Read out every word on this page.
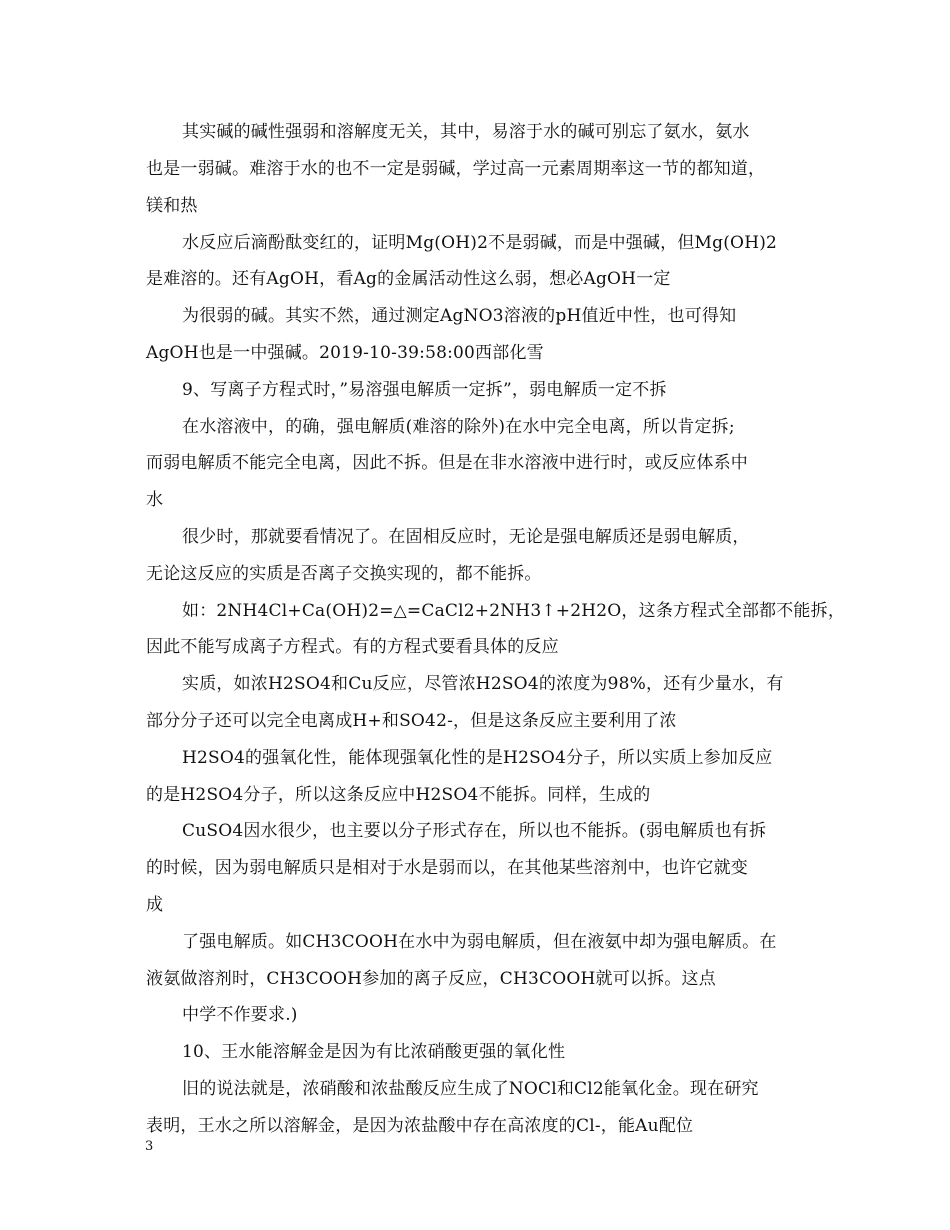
其实碱的碱性强弱和溶解度无关，其中，易溶于水的碱可别忘了氨水，氨水
也是一弱碱。难溶于水的也不一定是弱碱，学过高一元素周期率这一节的都知道，
镁和热
水反应后滴酚酞变红的，证明Mg(OH)2不是弱碱，而是中强碱，但Mg(OH)2
是难溶的。还有AgOH，看Ag的金属活动性这么弱，想必AgOH一定
为很弱的碱。其实不然，通过测定AgNO3溶液的pH值近中性，也可得知
AgOH也是一中强碱。2019-10-39:58:00西部化雪
9、写离子方程式时，”易溶强电解质一定拆”，弱电解质一定不拆
在水溶液中，的确，强电解质(难溶的除外)在水中完全电离，所以肯定拆;
而弱电解质不能完全电离，因此不拆。但是在非水溶液中进行时，或反应体系中
水
很少时，那就要看情况了。在固相反应时，无论是强电解质还是弱电解质，
无论这反应的实质是否离子交换实现的，都不能拆。
如：2NH4Cl+Ca(OH)2=△=CaCl2+2NH3↑+2H2O，这条方程式全部都不能拆，
因此不能写成离子方程式。有的方程式要看具体的反应
实质，如浓H2SO4和Cu反应，尽管浓H2SO4的浓度为98%，还有少量水，有
部分分子还可以完全电离成H+和SO42-，但是这条反应主要利用了浓
H2SO4的强氧化性，能体现强氧化性的是H2SO4分子，所以实质上参加反应
的是H2SO4分子，所以这条反应中H2SO4不能拆。同样，生成的
CuSO4因水很少，也主要以分子形式存在，所以也不能拆。(弱电解质也有拆
的时候，因为弱电解质只是相对于水是弱而以，在其他某些溶剂中，也许它就变
成
了强电解质。如CH3COOH在水中为弱电解质，但在液氨中却为强电解质。在
液氨做溶剂时，CH3COOH参加的离子反应，CH3COOH就可以拆。这点
中学不作要求.)
10、王水能溶解金是因为有比浓硝酸更强的氧化性
旧的说法就是，浓硝酸和浓盐酸反应生成了NOCl和Cl2能氧化金。现在研究
表明，王水之所以溶解金，是因为浓盐酸中存在高浓度的Cl-，能Au配位
3
